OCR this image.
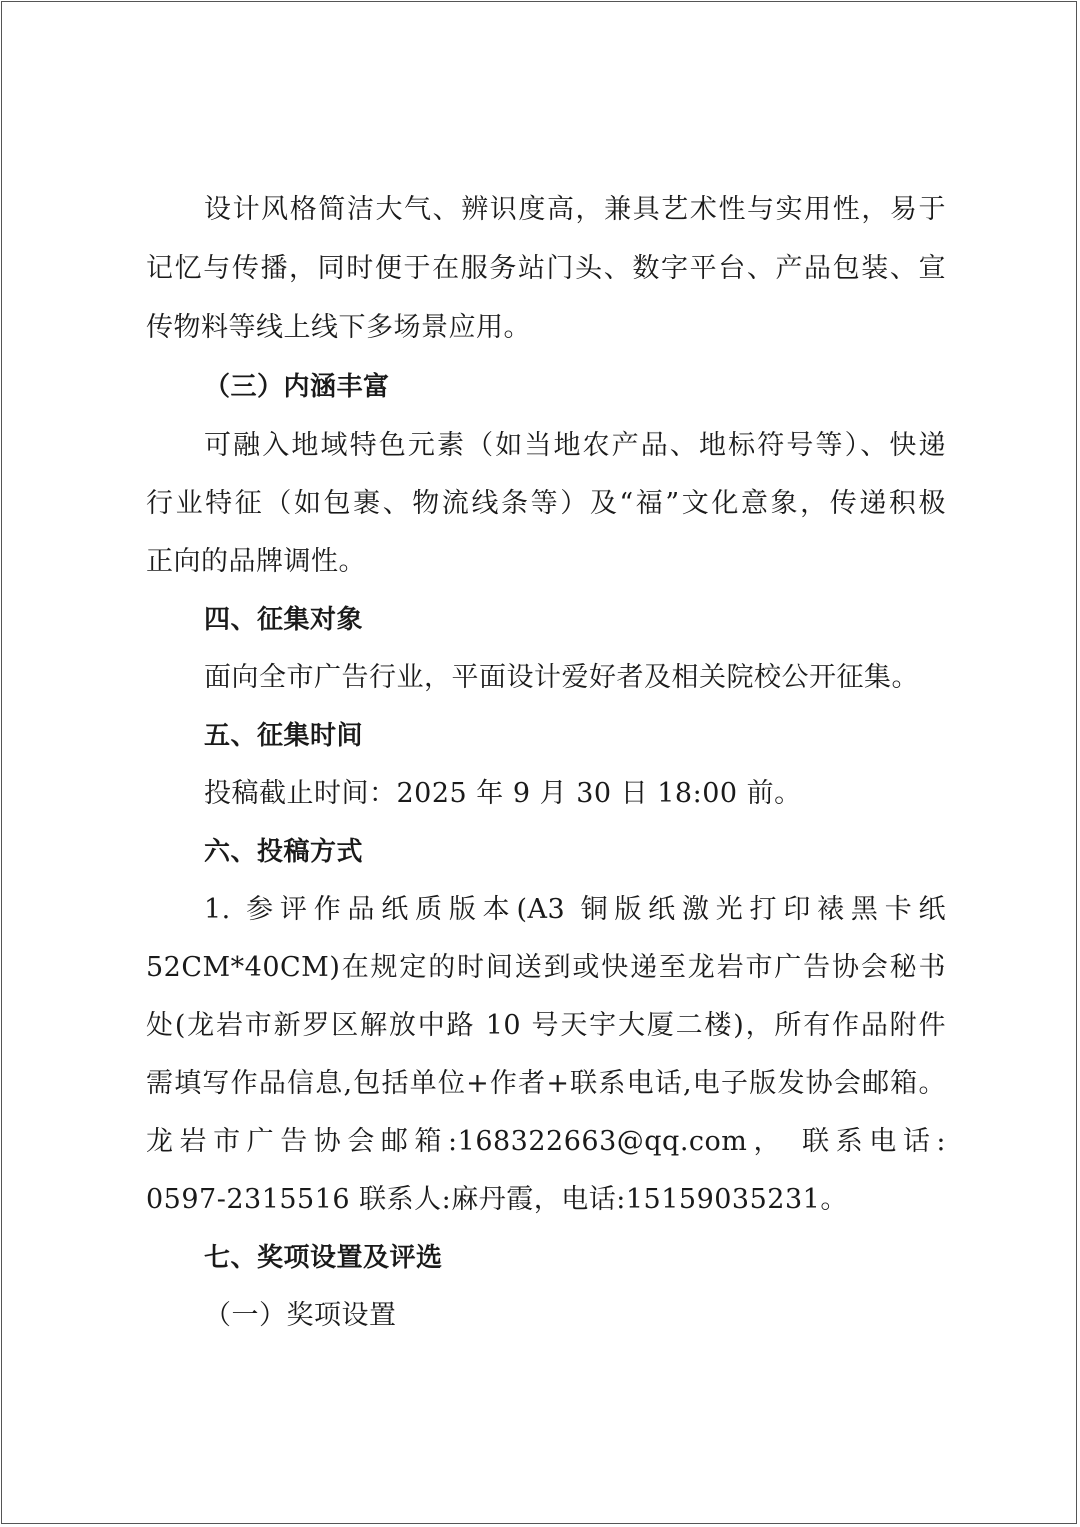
设计风格简洁大气、辨识度高，兼具艺术性与实用性，易于
记忆与传播，同时便于在服务站门头、数字平台、产品包装、宣
传物料等线上线下多场景应用。
（三）内涵丰富
可融入地域特色元素（如当地农产品、地标符号等）、快递
行业特征（如包裹、物流线条等）及“福”文化意象，传递积极
正向的品牌调性。
四、征集对象
面向全市广告行业，平面设计爱好者及相关院校公开征集。
五、征集时间
投稿截止时间：2025 年 9 月 30 日 18:00 前。
六、投稿方式
1. 参评作品纸质版本(A3 铜版纸激光打印裱黑卡纸
52CM*40CM)在规定的时间送到或快递至龙岩市广告协会秘书
处(龙岩市新罗区解放中路 10 号天宇大厦二楼)，所有作品附件
需填写作品信息,包括单位+作者+联系电话,电子版发协会邮箱。
龙岩市广告协会邮箱:168322663@qq.com， 联系电话:
0597-2315516 联系人:麻丹霞，电话:15159035231。
七、奖项设置及评选
（一）奖项设置
